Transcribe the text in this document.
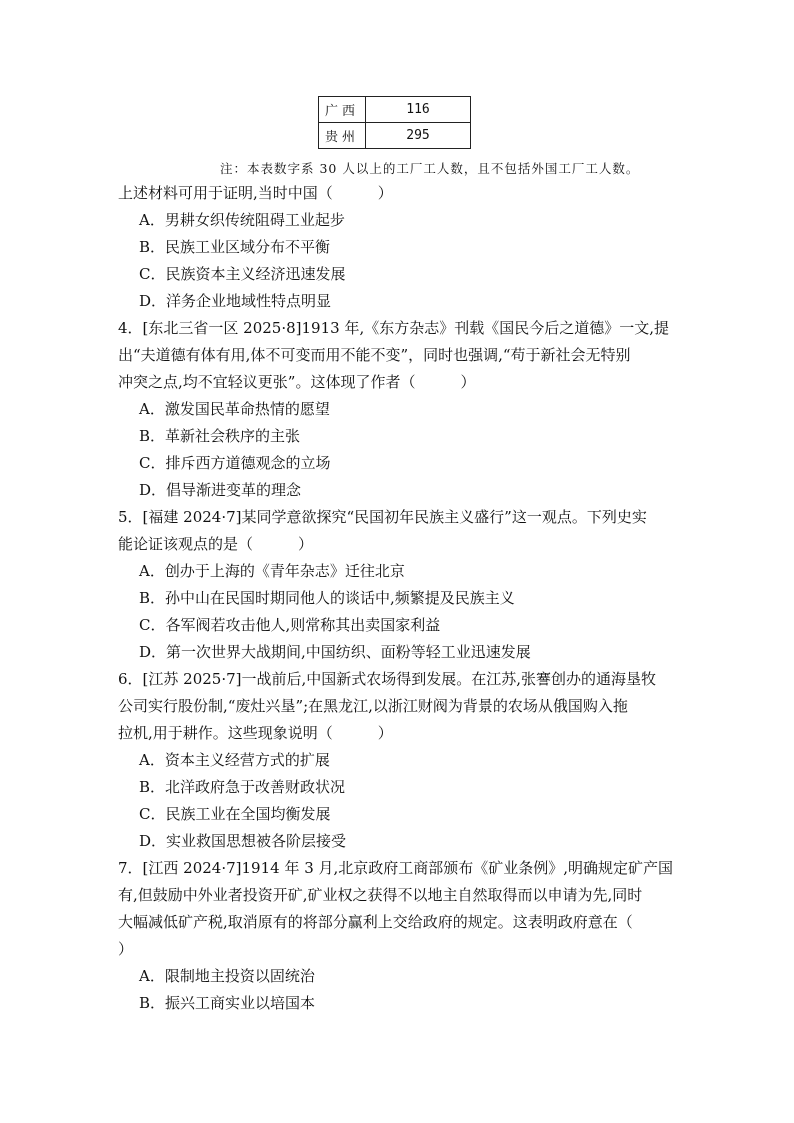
广西	116
贵州	295
注：本表数字系 30 人以上的工厂工人数，且不包括外国工厂工人数。
上述材料可用于证明,当时中国（　　　）
A．男耕女织传统阻碍工业起步
B．民族工业区域分布不平衡
C．民族资本主义经济迅速发展
D．洋务企业地域性特点明显
4．[东北三省一区 2025·8]1913 年,《东方杂志》刊载《国民今后之道德》一文,提
出“夫道德有体有用,体不可变而用不能不变”，同时也强调,“苟于新社会无特别
冲突之点,均不宜轻议更张”。这体现了作者（　　　）
A．激发国民革命热情的愿望
B．革新社会秩序的主张
C．排斥西方道德观念的立场
D．倡导渐进变革的理念
5．[福建 2024·7]某同学意欲探究“民国初年民族主义盛行”这一观点。下列史实
能论证该观点的是（　　　）
A．创办于上海的《青年杂志》迁往北京
B．孙中山在民国时期同他人的谈话中,频繁提及民族主义
C．各军阀若攻击他人,则常称其出卖国家利益
D．第一次世界大战期间,中国纺织、面粉等轻工业迅速发展
6．[江苏 2025·7]一战前后,中国新式农场得到发展。在江苏,张謇创办的通海垦牧
公司实行股份制,“废灶兴垦”;在黑龙江,以浙江财阀为背景的农场从俄国购入拖
拉机,用于耕作。这些现象说明（　　　）
A．资本主义经营方式的扩展
B．北洋政府急于改善财政状况
C．民族工业在全国均衡发展
D．实业救国思想被各阶层接受
7．[江西 2024·7]1914 年 3 月,北京政府工商部颁布《矿业条例》,明确规定矿产国
有,但鼓励中外业者投资开矿,矿业权之获得不以地主自然取得而以申请为先,同时
大幅减低矿产税,取消原有的将部分赢利上交给政府的规定。这表明政府意在（
）
A．限制地主投资以固统治
B．振兴工商实业以培国本
